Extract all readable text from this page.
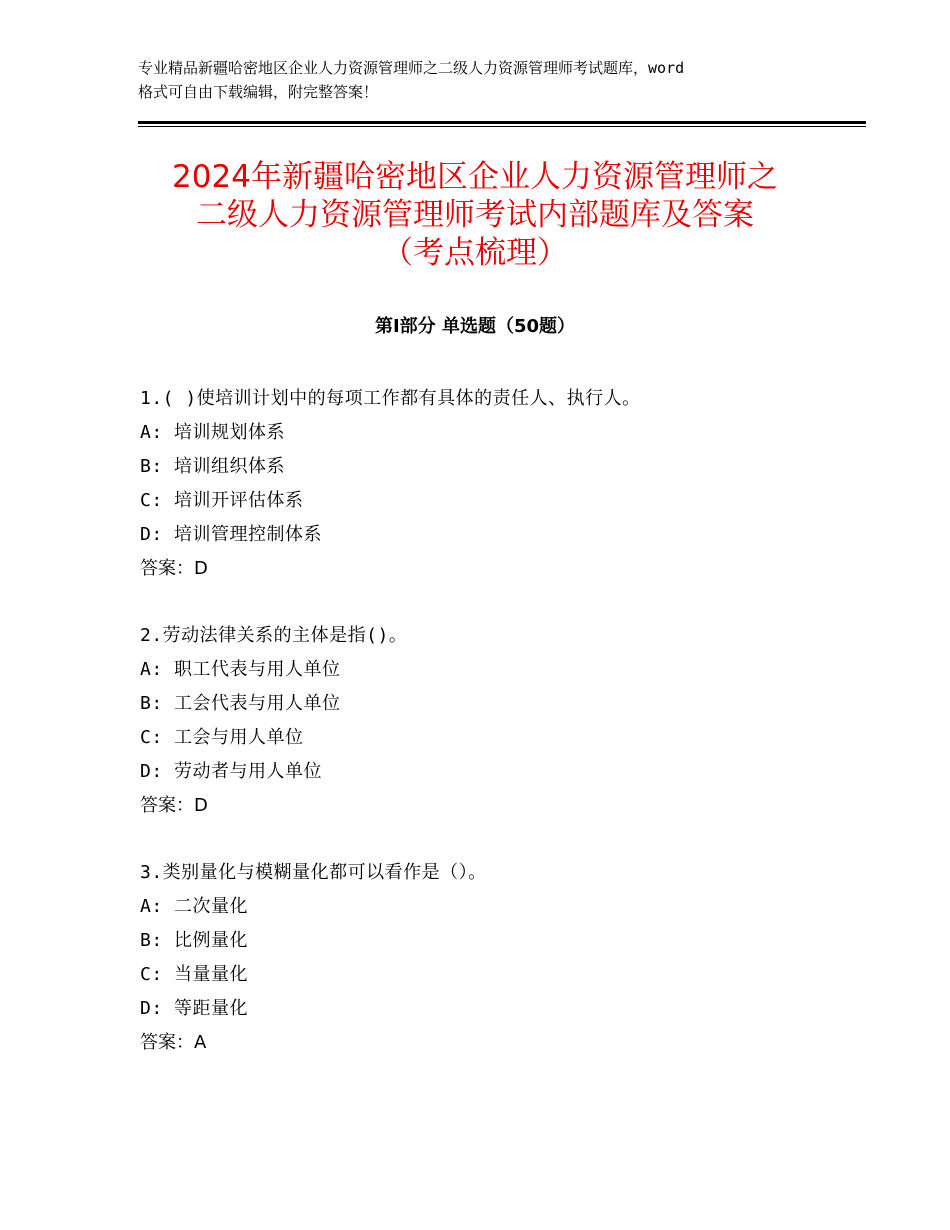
专业精品新疆哈密地区企业人力资源管理师之二级人力资源管理师考试题库，word
格式可自由下载编辑，附完整答案！
2024年新疆哈密地区企业人力资源管理师之
二级人力资源管理师考试内部题库及答案
（考点梳理）
第Ⅰ部分 单选题（50题）
1.( )使培训计划中的每项工作都有具体的责任人、执行人。
A: 培训规划体系
B: 培训组织体系
C: 培训开评估体系
D: 培训管理控制体系
答案：D
2.劳动法律关系的主体是指()。
A: 职工代表与用人单位
B: 工会代表与用人单位
C: 工会与用人单位
D: 劳动者与用人单位
答案：D
3.类别量化与模糊量化都可以看作是（）。
A: 二次量化
B: 比例量化
C: 当量量化
D: 等距量化
答案：A
